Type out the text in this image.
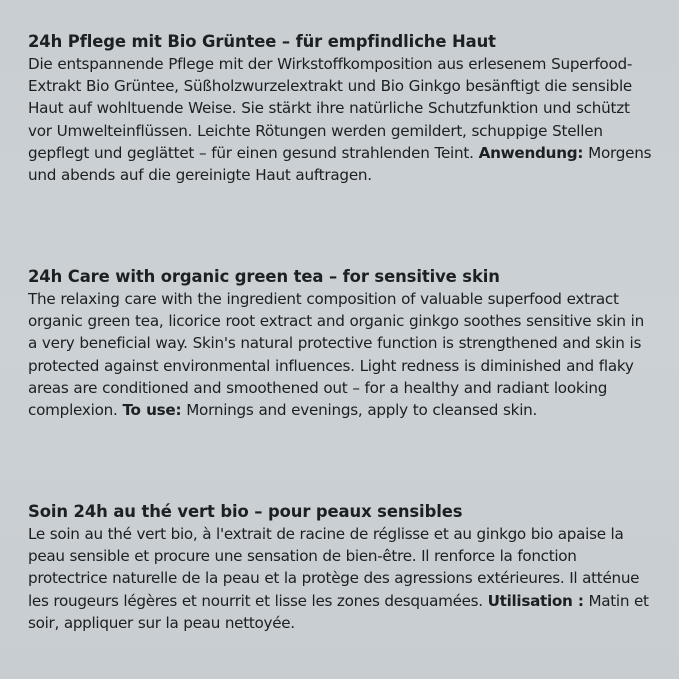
24h Pflege mit Bio Grüntee – für empfindliche Haut

Die entspannende Pflege mit der Wirkstoffkomposition aus erlesenem Superfood-Extrakt Bio Grüntee, Süßholzwurzelextrakt und Bio Ginkgo besänftigt die sensible Haut auf wohltuende Weise. Sie stärkt ihre natürliche Schutzfunktion und schützt vor Umwelteinflüssen. Leichte Rötungen werden gemildert, schuppige Stellen gepflegt und geglättet – für einen gesund strahlenden Teint. Anwendung: Morgens und abends auf die gereinigte Haut auftragen.

24h Care with organic green tea – for sensitive skin

The relaxing care with the ingredient composition of valuable superfood extract organic green tea, licorice root extract and organic ginkgo soothes sensitive skin in a very beneficial way. Skin's natural protective function is strengthened and skin is protected against environmental influences. Light redness is diminished and flaky areas are conditioned and smoothened out – for a healthy and radiant looking complexion. To use: Mornings and evenings, apply to cleansed skin.

Soin 24h au thé vert bio – pour peaux sensibles

Le soin au thé vert bio, à l'extrait de racine de réglisse et au ginkgo bio apaise la peau sensible et procure une sensation de bien-être. Il renforce la fonction protectrice naturelle de la peau et la protège des agressions extérieures. Il atténue les rougeurs légères et nourrit et lisse les zones desquamées. Utilisation : Matin et soir, appliquer sur la peau nettoyée.
